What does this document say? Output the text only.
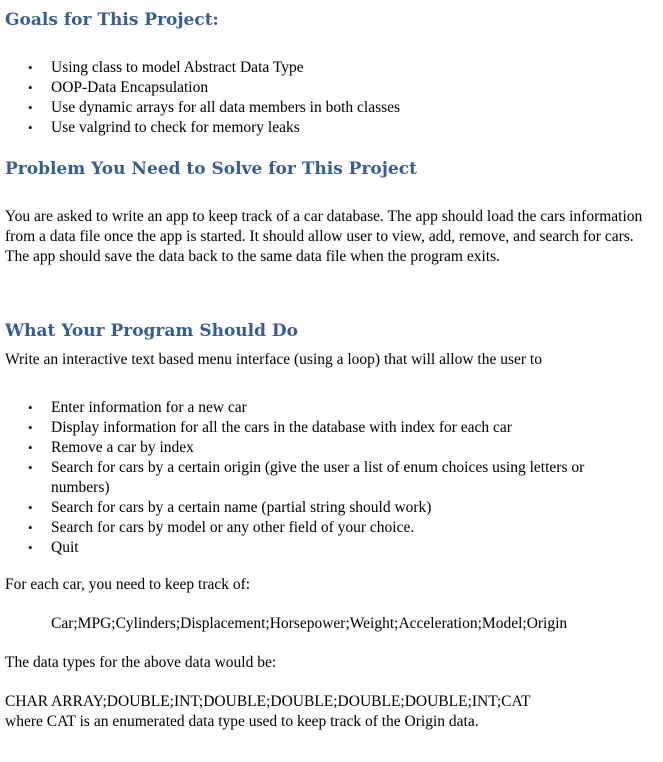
Goals for This Project:
• Using class to model Abstract Data Type
• OOP-Data Encapsulation
• Use dynamic arrays for all data members in both classes
• Use valgrind to check for memory leaks
Problem You Need to Solve for This Project

You are asked to write an app to keep track of a car database. The app should load the cars information from a data file once the app is started. It should allow user to view, add, remove, and search for cars. The app should save the data back to the same data file when the program exits.

What Your Program Should Do

Write an interactive text based menu interface (using a loop) that will allow the user to

• Enter information for a new car
• Display information for all the cars in the database with index for each car
• Remove a car by index
• Search for cars by a certain origin (give the user a list of enum choices using letters or numbers)
• Search for cars by a certain name (partial string should work)
• Search for cars by model or any other field of your choice.
• Quit

For each car, you need to keep track of:

Car;MPG;Cylinders;Displacement;Horsepower;Weight;Acceleration;Model;Origin

The data types for the above data would be:

CHAR ARRAY;DOUBLE;INT;DOUBLE;DOUBLE;DOUBLE;DOUBLE;INT;CAT

where CAT is an enumerated data type used to keep track of the Origin data.
